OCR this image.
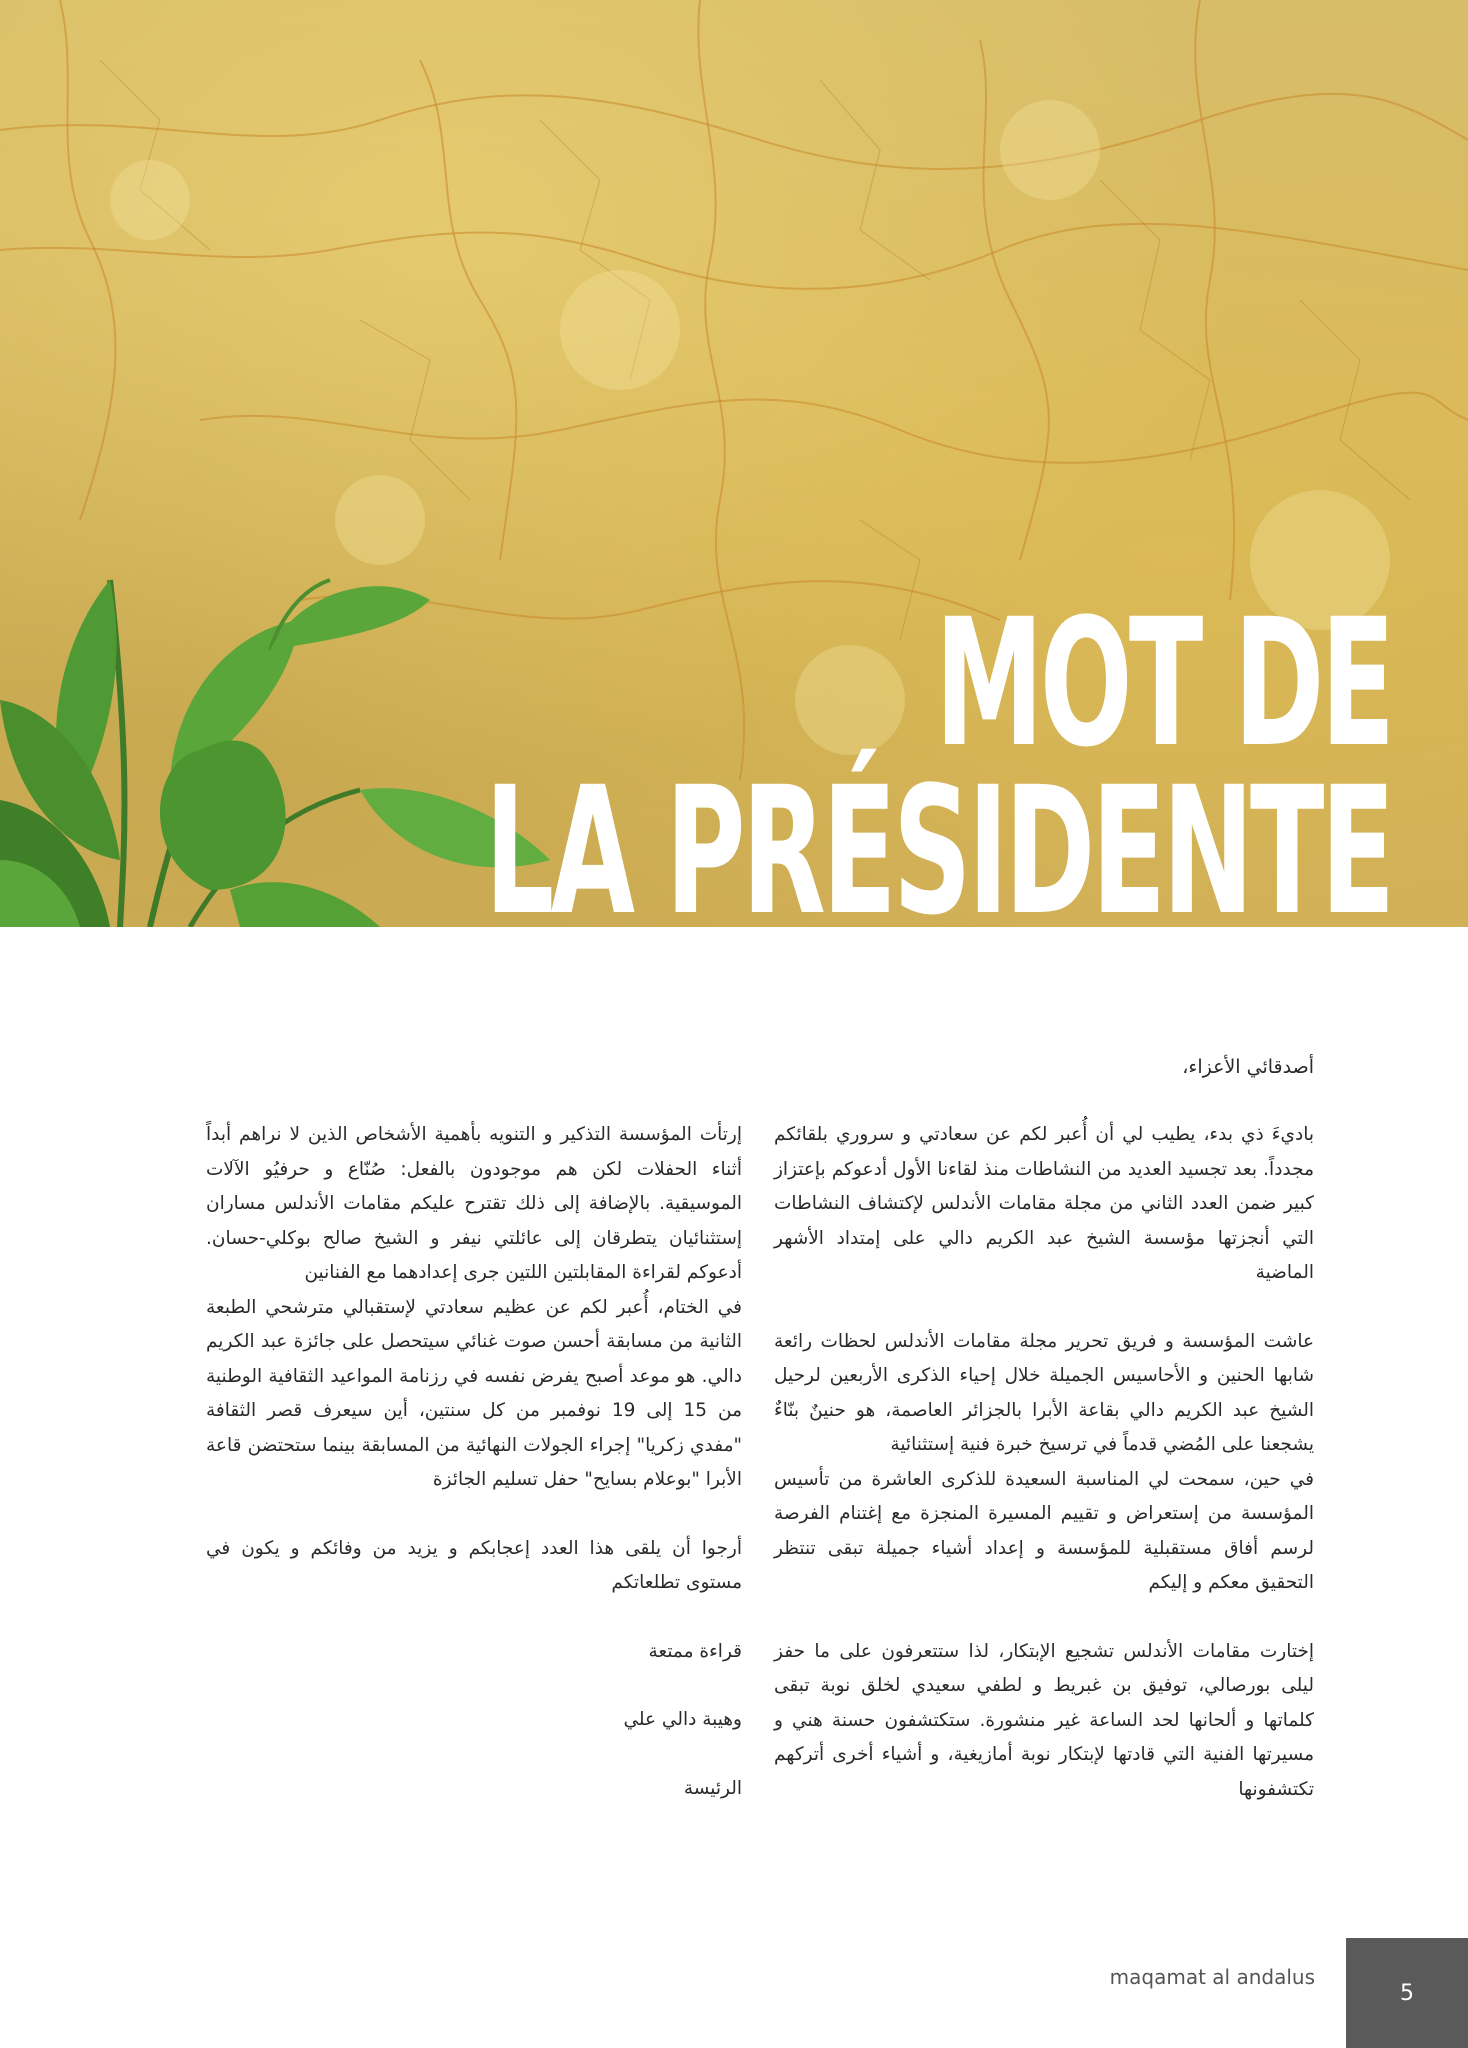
MOT DE
LA PRÉSIDENTE

أصدقائي الأعزاء،

باديءَ ذي بدء، يطيب لي أن أُعبر لكم عن سعادتي و سروري بلقائكم مجدداً. بعد تجسيد العديد من النشاطات منذ لقاءنا الأول أدعوكم بإعتزاز كبير ضمن العدد الثاني من مجلة مقامات الأندلس لإكتشاف النشاطات التي أنجزتها مؤسسة الشيخ عبد الكريم دالي على إمتداد الأشهر الماضية

عاشت المؤسسة و فريق تحرير مجلة مقامات الأندلس لحظات رائعة شابها الحنين و الأحاسيس الجميلة خلال إحياء الذكرى الأربعين لرحيل الشيخ عبد الكريم دالي بقاعة الأبرا بالجزائر العاصمة، هو حنينٌ بنّاءٌ يشجعنا على المُضي قدماً في ترسيخ خبرة فنية إستثنائية

في حين، سمحت لي المناسبة السعيدة للذكرى العاشرة من تأسيس المؤسسة من إستعراض و تقييم المسيرة المنجزة مع إغتنام الفرصة لرسم أفاق مستقبلية للمؤسسة و إعداد أشياء جميلة تبقى تنتظر التحقيق معكم و إليكم

إختارت مقامات الأندلس تشجيع الإبتكار، لذا ستتعرفون على ما حفز ليلى بورصالي، توفيق بن غبريط و لطفي سعيدي لخلق نوبة تبقى كلماتها و ألحانها لحد الساعة غير منشورة. ستكتشفون حسنة هني و مسيرتها الفنية التي قادتها لإبتكار نوبة أمازيغية، و أشياء أخرى أتركهم تكتشفونها

إرتأت المؤسسة التذكير و التنويه بأهمية الأشخاص الذين لا نراهم أبداً أثناء الحفلات لكن هم موجودون بالفعل: صُنّاع و حرفيُو الآلات الموسيقية. بالإضافة إلى ذلك تقترح عليكم مقامات الأندلس مساران إستثنائيان يتطرقان إلى عائلتي نيفر و الشيخ صالح بوكلي-حسان. أدعوكم لقراءة المقابلتين اللتين جرى إعدادهما مع الفنانين

في الختام، أُعبر لكم عن عظيم سعادتي لإستقبالي مترشحي الطبعة الثانية من مسابقة أحسن صوت غنائي سيتحصل على جائزة عبد الكريم دالي. هو موعد أصبح يفرض نفسه في رزنامة المواعيد الثقافية الوطنية من 15 إلى 19 نوفمبر من كل سنتين، أين سيعرف قصر الثقافة "مفدي زكريا" إجراء الجولات النهائية من المسابقة بينما ستحتضن قاعة الأبرا "بوعلام بسايح" حفل تسليم الجائزة

أرجوا أن يلقى هذا العدد إعجابكم و يزيد من وفائكم و يكون في مستوى تطلعاتكم

قراءة ممتعة

وهيبة دالي علي

الرئيسة

maqamat al andalus
5
